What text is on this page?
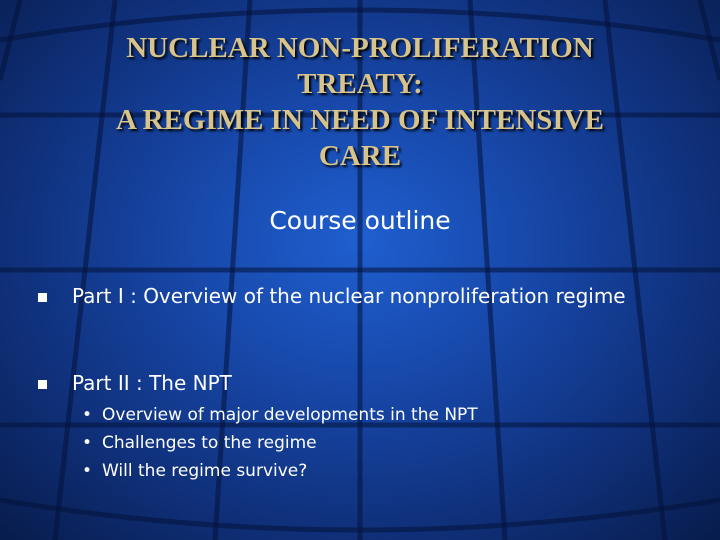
NUCLEAR NON-PROLIFERATION
TREATY:
A REGIME IN NEED OF INTENSIVE
CARE
Course outline
Part I : Overview of the nuclear nonproliferation regime
Part II : The NPT
• Overview of major developments in the NPT
• Challenges to the regime
• Will the regime survive?
